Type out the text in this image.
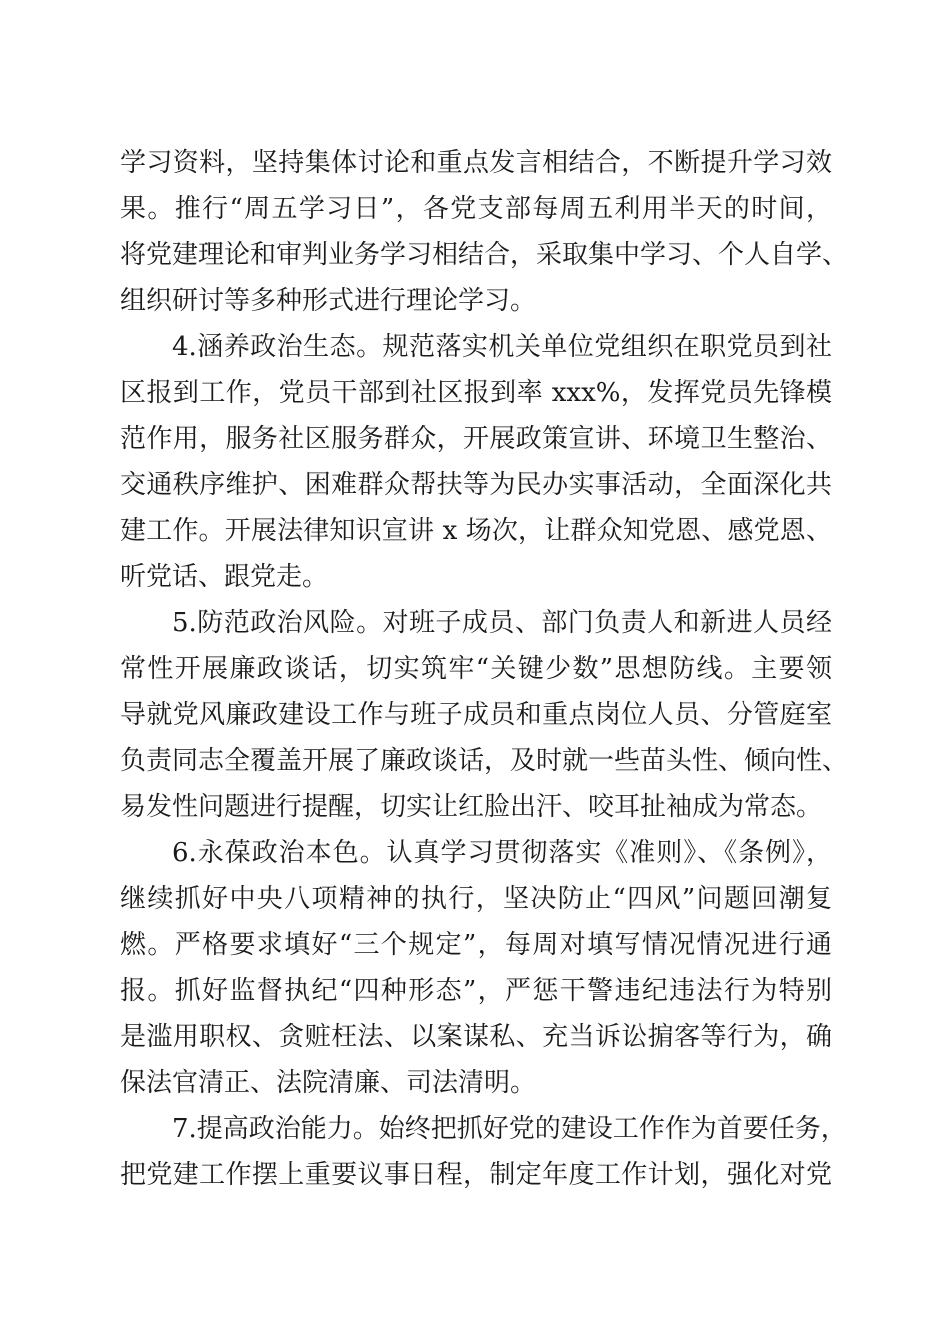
学习资料，坚持集体讨论和重点发言相结合，不断提升学习效
果。推行“周五学习日”，各党支部每周五利用半天的时间，
将党建理论和审判业务学习相结合，采取集中学习、个人自学、
组织研讨等多种形式进行理论学习。
4.涵养政治生态。规范落实机关单位党组织在职党员到社
区报到工作，党员干部到社区报到率 xxx%，发挥党员先锋模
范作用，服务社区服务群众，开展政策宣讲、环境卫生整治、
交通秩序维护、困难群众帮扶等为民办实事活动，全面深化共
建工作。开展法律知识宣讲 x 场次，让群众知党恩、感党恩、
听党话、跟党走。
5.防范政治风险。对班子成员、部门负责人和新进人员经
常性开展廉政谈话，切实筑牢“关键少数”思想防线。主要领
导就党风廉政建设工作与班子成员和重点岗位人员、分管庭室
负责同志全覆盖开展了廉政谈话，及时就一些苗头性、倾向性、
易发性问题进行提醒，切实让红脸出汗、咬耳扯袖成为常态。
6.永葆政治本色。认真学习贯彻落实《准则》、《条例》，
继续抓好中央八项精神的执行，坚决防止“四风”问题回潮复
燃。严格要求填好“三个规定”，每周对填写情况情况进行通
报。抓好监督执纪“四种形态”，严惩干警违纪违法行为特别
是滥用职权、贪赃枉法、以案谋私、充当诉讼掮客等行为，确
保法官清正、法院清廉、司法清明。
7.提高政治能力。始终把抓好党的建设工作作为首要任务，
把党建工作摆上重要议事日程，制定年度工作计划，强化对党
